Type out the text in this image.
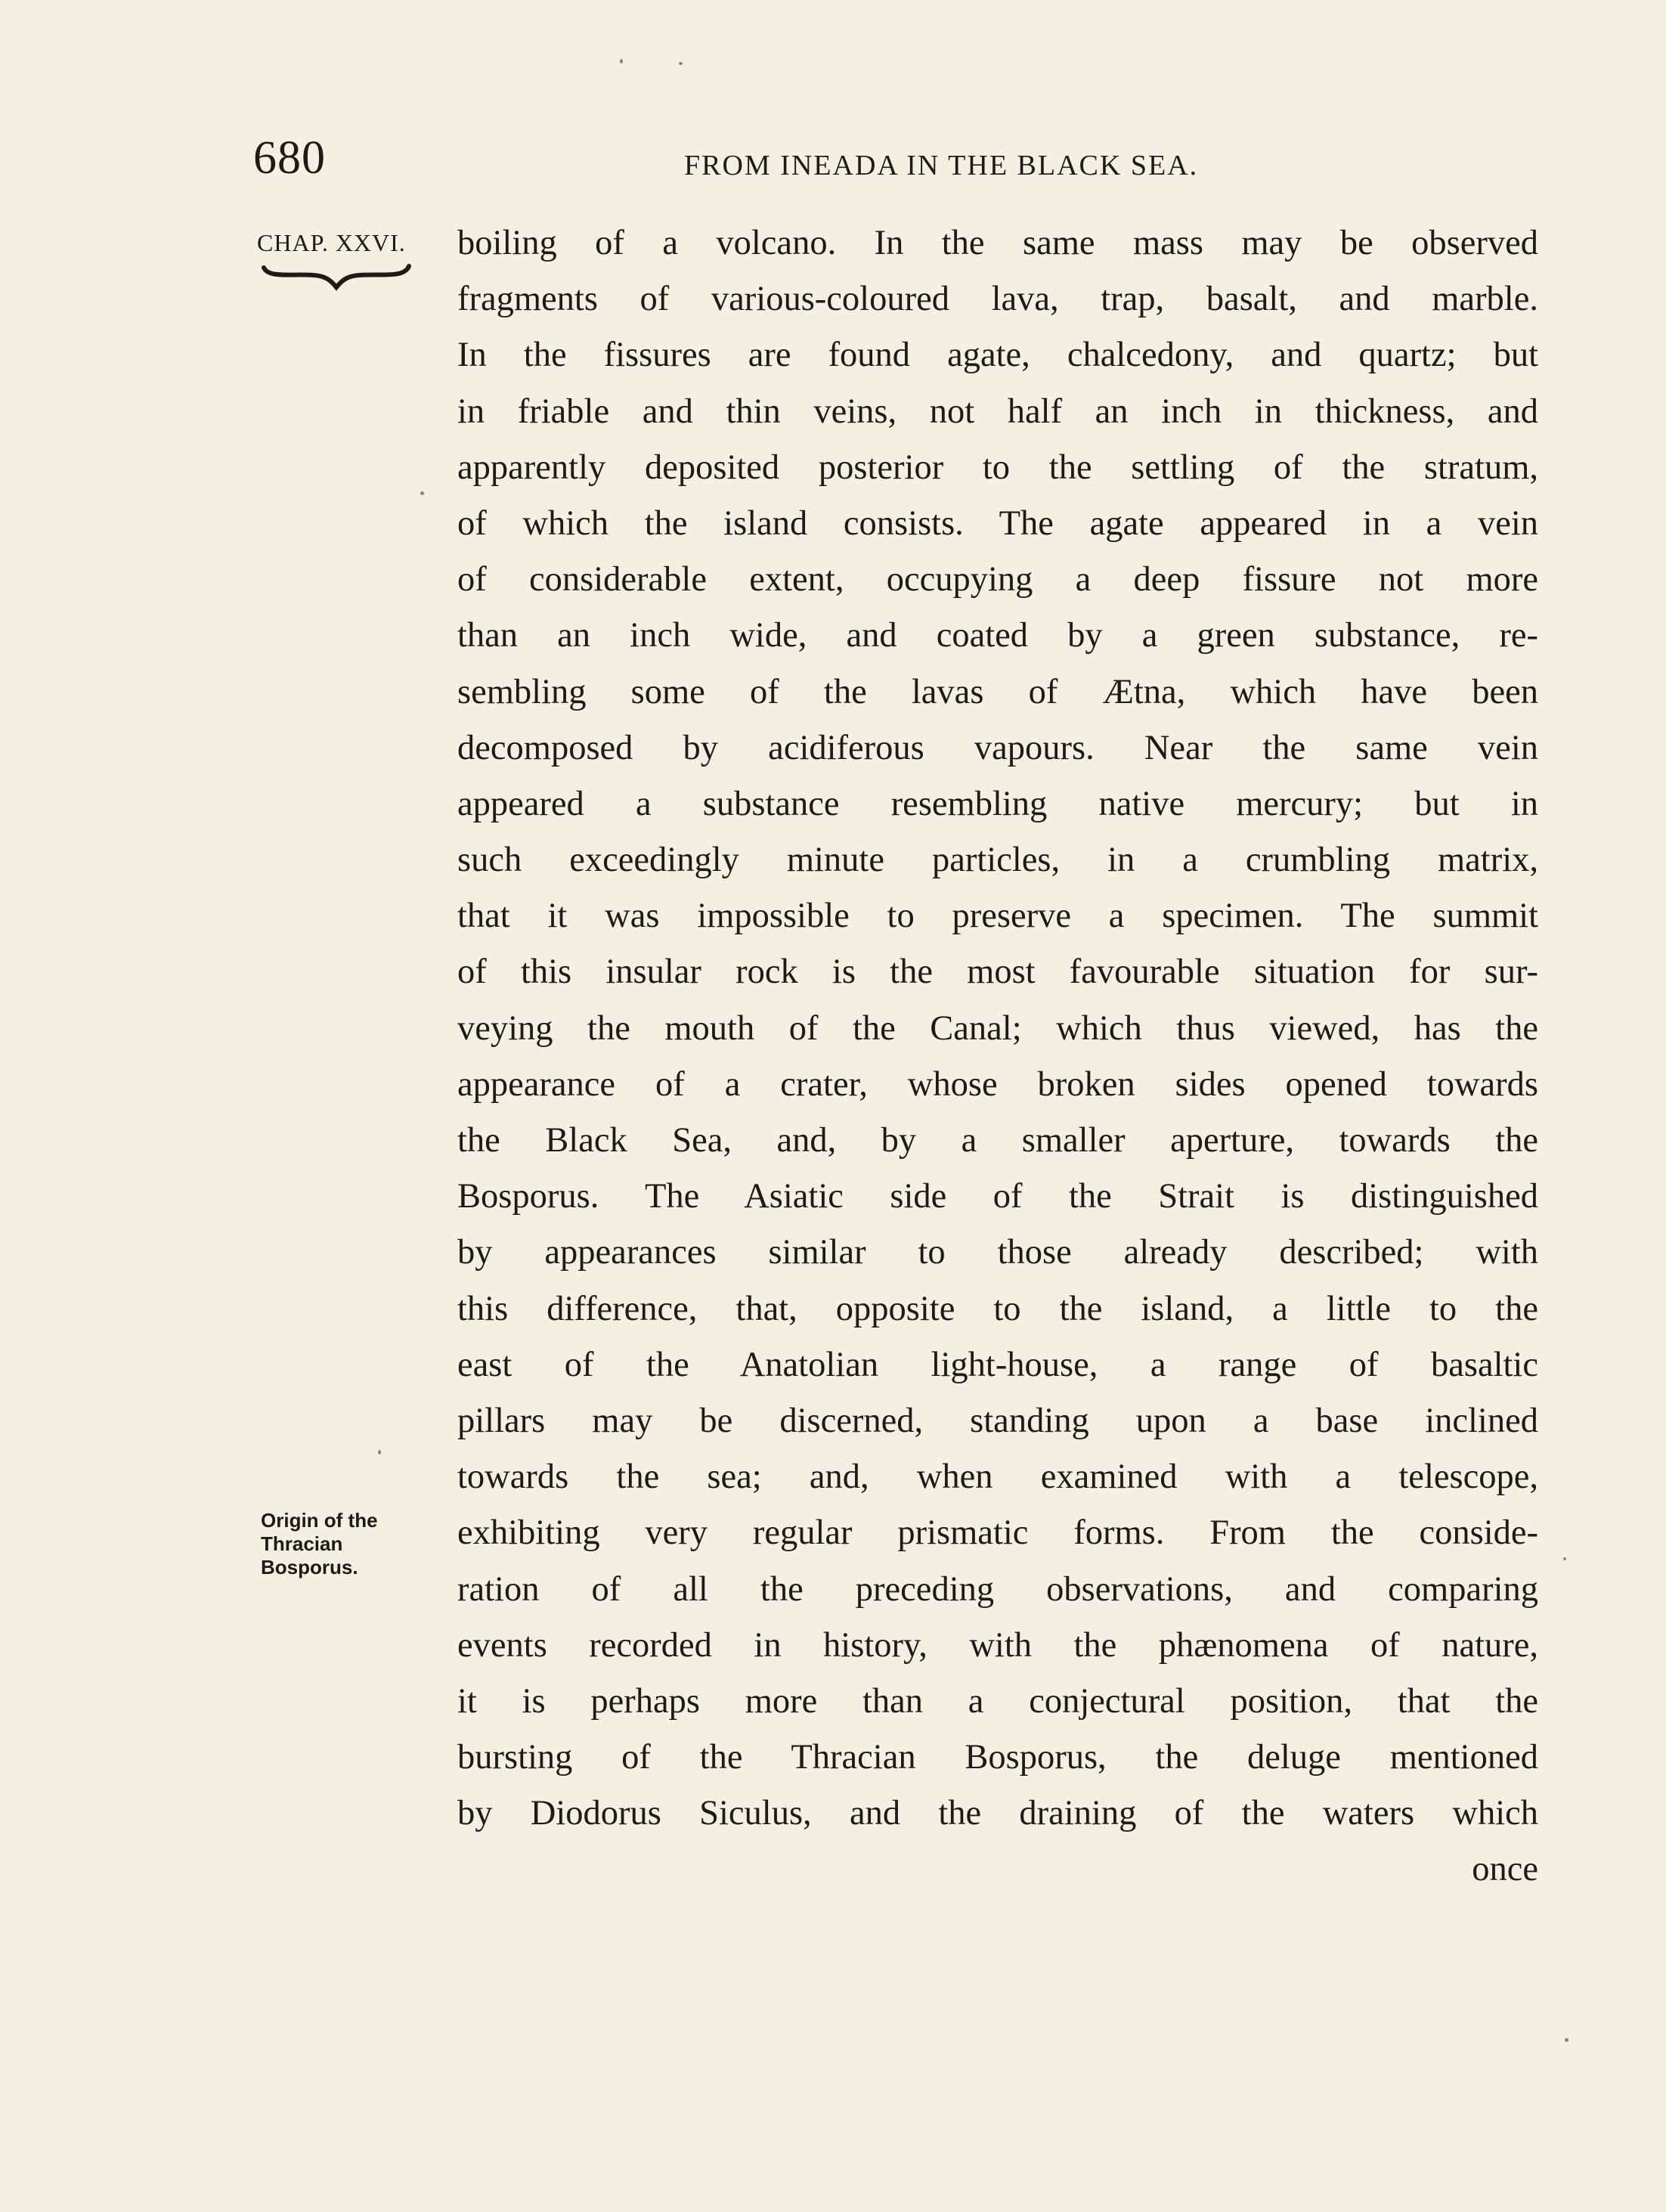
680	FROM INEADA IN THE BLACK SEA.
CHAP. XXVI.
Origin of the
Thracian
Bosporus.
boiling of a volcano. In the same mass may be observed
fragments of various-coloured lava, trap, basalt, and marble.
In the fissures are found agate, chalcedony, and quartz; but
in friable and thin veins, not half an inch in thickness, and
apparently deposited posterior to the settling of the stratum,
of which the island consists. The agate appeared in a vein
of considerable extent, occupying a deep fissure not more
than an inch wide, and coated by a green substance, re-
sembling some of the lavas of Ætna, which have been
decomposed by acidiferous vapours. Near the same vein
appeared a substance resembling native mercury; but in
such exceedingly minute particles, in a crumbling matrix,
that it was impossible to preserve a specimen. The summit
of this insular rock is the most favourable situation for sur-
veying the mouth of the Canal; which thus viewed, has the
appearance of a crater, whose broken sides opened towards
the Black Sea, and, by a smaller aperture, towards the
Bosporus. The Asiatic side of the Strait is distinguished
by appearances similar to those already described; with
this difference, that, opposite to the island, a little to the
east of the Anatolian light-house, a range of basaltic
pillars may be discerned, standing upon a base inclined
towards the sea; and, when examined with a telescope,
exhibiting very regular prismatic forms. From the conside-
ration of all the preceding observations, and comparing
events recorded in history, with the phænomena of nature,
it is perhaps more than a conjectural position, that the
bursting of the Thracian Bosporus, the deluge mentioned
by Diodorus Siculus, and the draining of the waters which
once
